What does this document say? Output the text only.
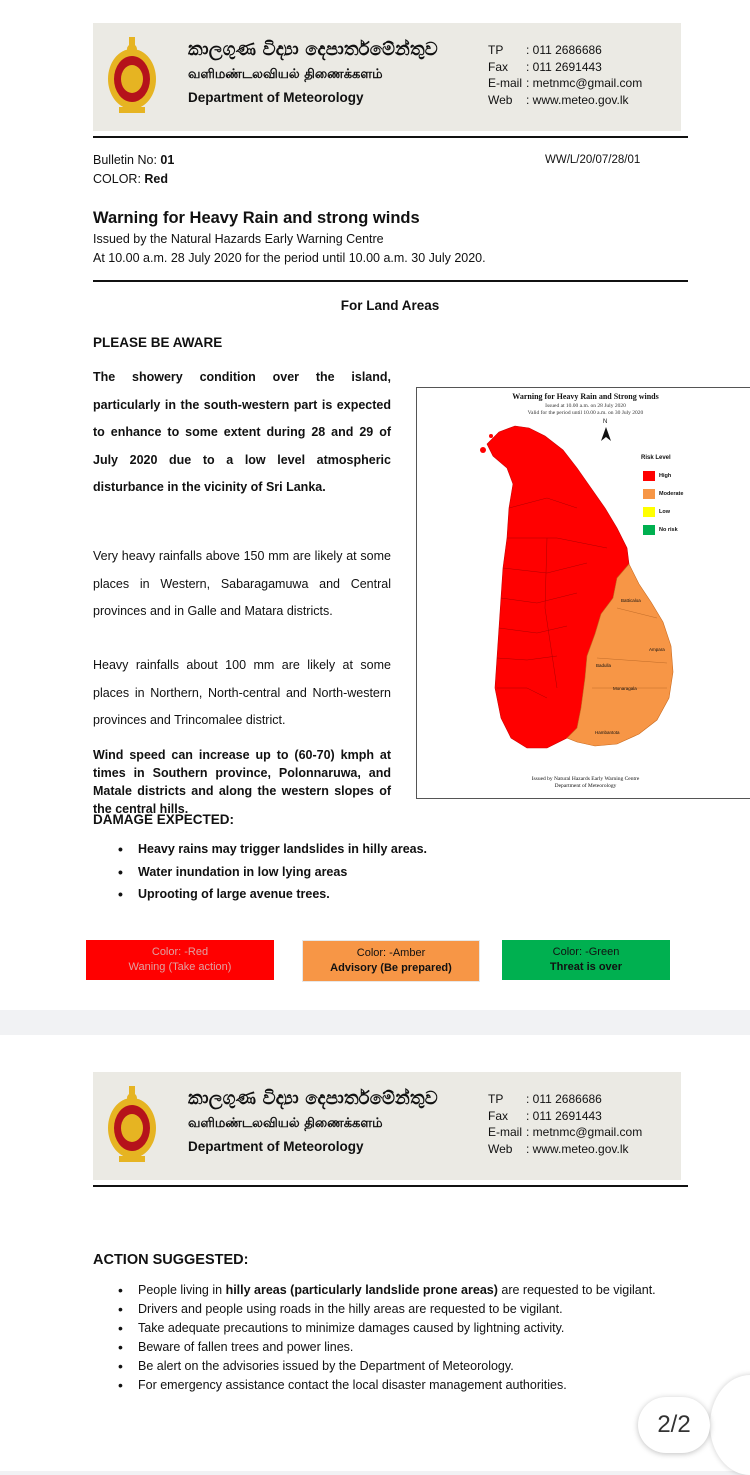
කාලගුණ විද්‍යා දෙපාර්තමේන්තුව
வளிமண்டலவியல் திணைக்களம்
Department of Meteorology
TP	: 011 2686686
Fax	: 011 2691443
E-mail : metnmc@gmail.com
Web	: www.meteo.gov.lk
Bulletin No: 01
COLOR: Red
WW/L/20/07/28/01
Warning for Heavy Rain and strong winds
Issued by the Natural Hazards Early Warning Centre
At 10.00 a.m. 28 July 2020 for the period until 10.00 a.m. 30 July 2020.
For Land Areas
PLEASE BE AWARE
The showery condition over the island, particularly in the south-western part is expected to enhance to some extent during 28 and 29 of July 2020 due to a low level atmospheric disturbance in the vicinity of Sri Lanka.
Very heavy rainfalls above 150 mm are likely at some places in Western, Sabaragamuwa and Central provinces and in Galle and Matara districts.
Heavy rainfalls about 100 mm are likely at some places in Northern, North-central and North-western provinces and Trincomalee district.
Wind speed can increase up to (60-70) kmph at times in Southern province, Polonnaruwa, and Matale districts and along the western slopes of the central hills.
Warning for Heavy Rain and Strong winds
Issued at 10.00 a.m. on 28 July 2020
Valid for the period until 10.00 a.m. on 30 July 2020
N
Batticaloa
Ampara
Badulla
Monaragala
Hambantota
Risk Level
High
Moderate
Low
No risk
Issued by Natural Hazards Early Warning Centre
Department of Meteorology
DAMAGE EXPECTED:
• Heavy rains may trigger landslides in hilly areas.
• Water inundation in low lying areas
• Uprooting of large avenue trees.
Color: -Red
Waning (Take action)
Color: -Amber
Advisory (Be prepared)
Color: -Green
Threat is over
කාලගුණ විද්‍යා දෙපාර්තමේන්තුව
வளிமண்டலவியல் திணைக்களம்
Department of Meteorology
TP	: 011 2686686
Fax	: 011 2691443
E-mail : metnmc@gmail.com
Web	: www.meteo.gov.lk
ACTION SUGGESTED:
• People living in hilly areas (particularly landslide prone areas) are requested to be vigilant.
• Drivers and people using roads in the hilly areas are requested to be vigilant.
• Take adequate precautions to minimize damages caused by lightning activity.
• Beware of fallen trees and power lines.
• Be alert on the advisories issued by the Department of Meteorology.
• For emergency assistance contact the local disaster management authorities.
2/2
